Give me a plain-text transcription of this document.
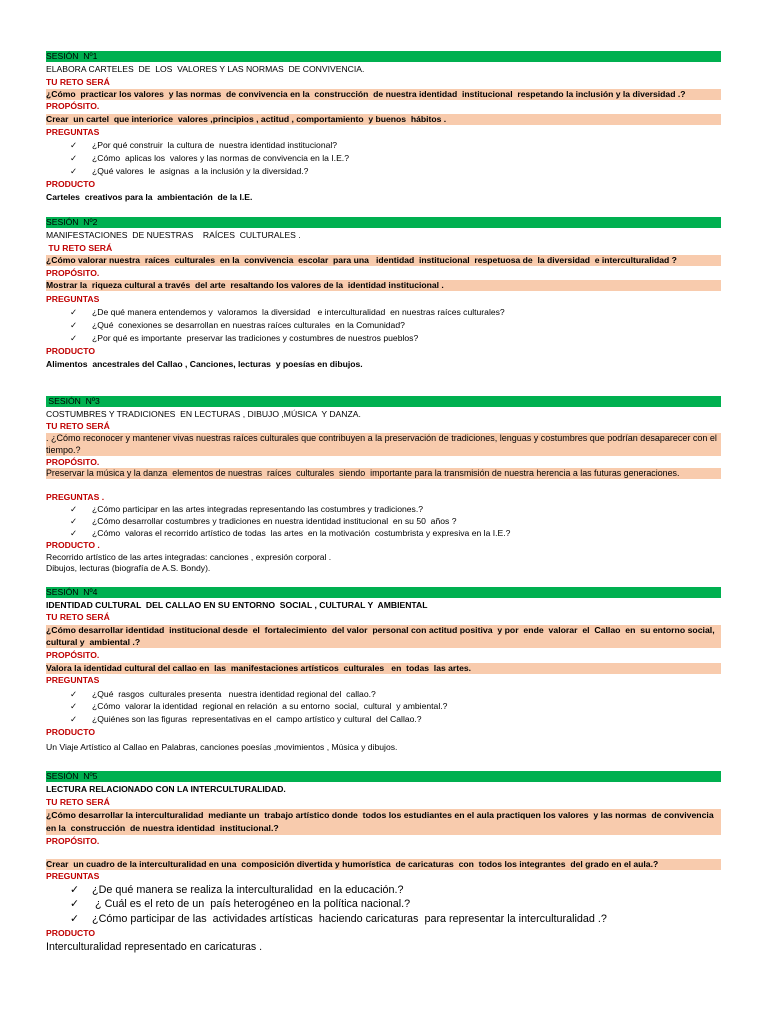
SESIÓN  Nº1
ELABORA CARTELES  DE  LOS  VALORES Y LAS NORMAS  DE CONVIVENCIA.
TU RETO SERÁ
¿Cómo  practicar los valores  y las normas  de convivencia en la  construcción  de nuestra identidad  institucional  respetando la inclusión y la diversidad .?
PROPÓSITO.
Crear  un cartel  que interiorice  valores ,principios , actitud , comportamiento  y buenos  hábitos .
PREGUNTAS
✓ ¿Por qué construir  la cultura de  nuestra identidad institucional?
✓ ¿Cómo  aplicas los  valores y las normas de convivencia en la I.E.?
✓ ¿Qué valores  le  asignas  a la inclusión y la diversidad.?
PRODUCTO
Carteles  creativos para la  ambientación  de la I.E.
SESIÓN  Nº2
MANIFESTACIONES  DE NUESTRAS    RAÍCES  CULTURALES .
TU RETO SERÁ
¿Cómo valorar nuestra  raíces  culturales  en la  convivencia  escolar  para una   identidad  institucional  respetuosa de  la diversidad  e interculturalidad ?
PROPÓSITO.
Mostrar la  riqueza cultural a través  del arte  resaltando los valores de la  identidad institucional .
PREGUNTAS
✓ ¿De qué manera entendemos y  valoramos  la diversidad   e interculturalidad  en nuestras raíces culturales?
✓ ¿Qué  conexiones se desarrollan en nuestras raíces culturales  en la Comunidad?
✓ ¿Por qué es importante  preservar las tradiciones y costumbres de nuestros pueblos?
PRODUCTO
Alimentos  ancestrales del Callao , Canciones, lecturas  y poesías en dibujos.
SESIÓN  Nº3
COSTUMBRES Y TRADICIONES  EN LECTURAS , DIBUJO ,MÚSICA  Y DANZA.
TU RETO SERÁ
. ¿Cómo reconocer y mantener vivas nuestras raíces culturales que contribuyen a la preservación de tradiciones, lenguas y costumbres que podrían desaparecer con el tiempo.?
PROPÓSITO.
Preservar la música y la danza  elementos de nuestras  raíces  culturales  siendo  importante para la transmisión de nuestra herencia a las futuras generaciones.
PREGUNTAS .
✓ ¿Cómo participar en las artes integradas representando las costumbres y tradiciones.?
✓ ¿Cómo desarrollar costumbres y tradiciones en nuestra identidad institucional  en su 50  años ?
✓ ¿Cómo  valoras el recorrido artístico de todas  las artes  en la motivación  costumbrista y expresiva en la I.E.?
PRODUCTO .
Recorrido artístico de las artes integradas: canciones , expresión corporal .
Dibujos, lecturas (biografía de A.S. Bondy).
SESIÓN  Nº4
IDENTIDAD CULTURAL  DEL CALLAO EN SU ENTORNO  SOCIAL , CULTURAL Y  AMBIENTAL
TU RETO SERÁ
¿Cómo desarrollar identidad  institucional desde  el  fortalecimiento  del valor  personal con actitud positiva  y por  ende  valorar  el  Callao  en  su entorno social,  cultural y  ambiental .?
PROPÓSITO.
Valora la identidad cultural del callao en  las  manifestaciones artísticos  culturales   en  todas  las artes.
PREGUNTAS
✓ ¿Qué  rasgos  culturales presenta   nuestra identidad regional del  callao.?
✓ ¿Cómo  valorar la identidad  regional en relación  a su entorno  social,  cultural  y ambiental.?
✓ ¿Quiénes son las figuras  representativas en el  campo artístico y cultural  del Callao.?
PRODUCTO
Un Viaje Artístico al Callao en Palabras, canciones poesías ,movimientos , Música y dibujos.
SESIÓN  Nº5
LECTURA RELACIONADO CON LA INTERCULTURALIDAD.
TU RETO SERÁ
¿Cómo desarrollar la interculturalidad  mediante un  trabajo artístico donde  todos los estudiantes en el aula practiquen los valores  y las normas  de convivencia en la  construcción  de nuestra identidad  institucional.?
PROPÓSITO.
Crear  un cuadro de la interculturalidad en una  composición divertida y humorística  de caricaturas  con  todos los integrantes  del grado en el aula.?
PREGUNTAS
✓ ¿De qué manera se realiza la interculturalidad  en la educación.?
✓ ¿ Cuál es el reto de un  país heterogéneo en la política nacional.?
✓ ¿Cómo participar de las  actividades artísticas  haciendo caricaturas  para representar la interculturalidad .?
PRODUCTO
Interculturalidad representado en caricaturas .
